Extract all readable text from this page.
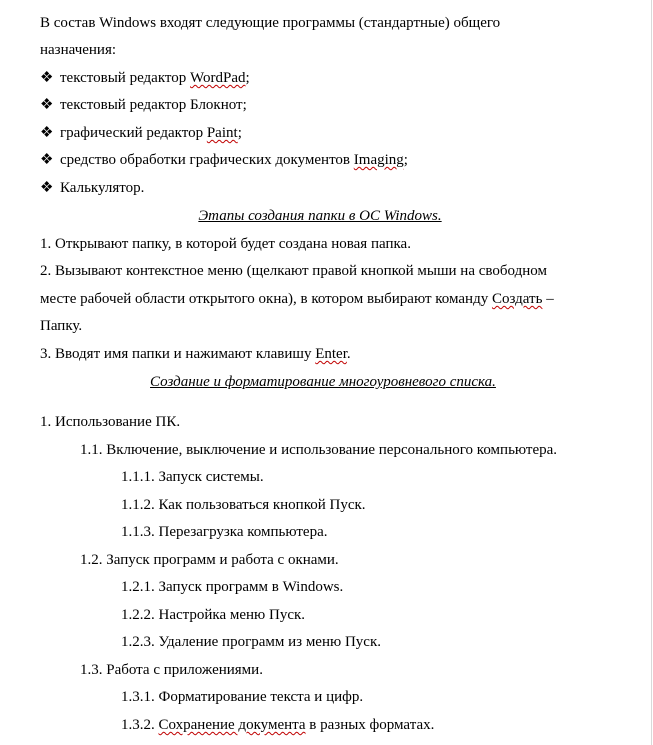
В состав Windows входят следующие программы (стандартные) общего
назначения:
❖ текстовый редактор WordPad;
❖ текстовый редактор Блокнот;
❖ графический редактор Paint;
❖ средство обработки графических документов Imaging;
❖ Калькулятор.
Этапы создания папки в ОС Windows.
1. Открывают папку, в которой будет создана новая папка.
2. Вызывают контекстное меню (щелкают правой кнопкой мыши на свободном
месте рабочей области открытого окна), в котором выбирают команду Создать –
Папку.
3. Вводят имя папки и нажимают клавишу Enter.
Создание и форматирование многоуровневого списка.
1. Использование ПК.
1.1. Включение, выключение и использование персонального компьютера.
1.1.1. Запуск системы.
1.1.2. Как пользоваться кнопкой Пуск.
1.1.3. Перезагрузка компьютера.
1.2. Запуск программ и работа с окнами.
1.2.1. Запуск программ в Windows.
1.2.2. Настройка меню Пуск.
1.2.3. Удаление программ из меню Пуск.
1.3. Работа с приложениями.
1.3.1. Форматирование текста и цифр.
1.3.2. Сохранение документа в разных форматах.
